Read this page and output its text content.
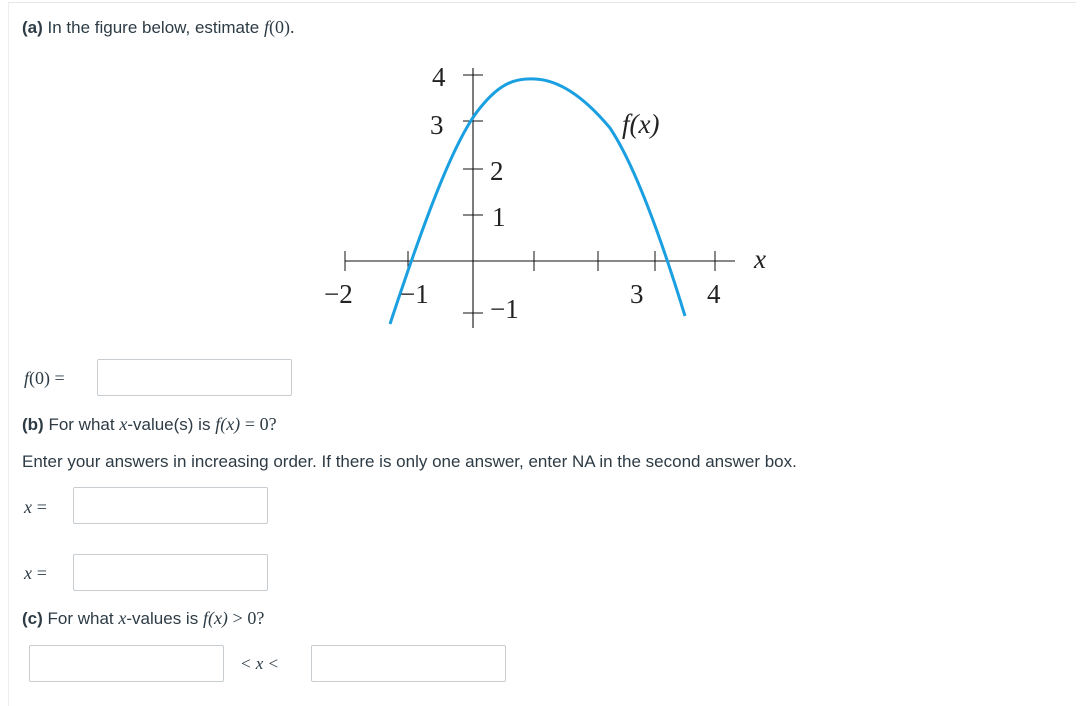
(a) In the figure below, estimate f(0).
4
3
2
1
−1
−2 −1	3 4
x
f(x)
f(0) =
(b) For what x-value(s) is f(x) = 0?
Enter your answers in increasing order. If there is only one answer, enter NA in the second answer box.
x =
x =
(c) For what x-values is f(x) > 0?
< x <
